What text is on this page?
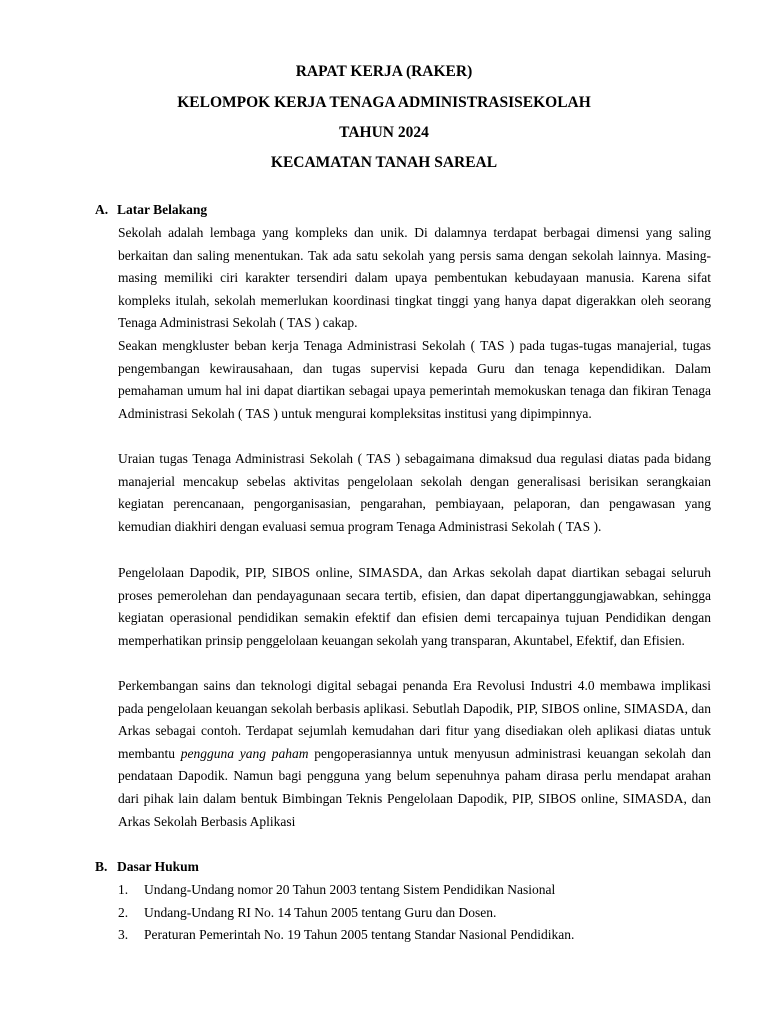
RAPAT KERJA (RAKER)
KELOMPOK KERJA TENAGA ADMINISTRASISEKOLAH
TAHUN 2024
KECAMATAN TANAH SAREAL
A. Latar Belakang

Sekolah adalah lembaga yang kompleks dan unik. Di dalamnya terdapat berbagai dimensi yang saling berkaitan dan saling menentukan. Tak ada satu sekolah yang persis sama dengan sekolah lainnya. Masing-masing memiliki ciri karakter tersendiri dalam upaya pembentukan kebudayaan manusia. Karena sifat kompleks itulah, sekolah memerlukan koordinasi tingkat tinggi yang hanya dapat digerakkan oleh seorang Tenaga Administrasi Sekolah ( TAS ) cakap.

Seakan mengkluster beban kerja Tenaga Administrasi Sekolah ( TAS ) pada tugas-tugas manajerial, tugas pengembangan kewirausahaan, dan tugas supervisi kepada Guru dan tenaga kependidikan. Dalam pemahaman umum hal ini dapat diartikan sebagai upaya pemerintah memokuskan tenaga dan fikiran Tenaga Administrasi Sekolah ( TAS ) untuk mengurai kompleksitas institusi yang dipimpinnya.

Uraian tugas Tenaga Administrasi Sekolah ( TAS ) sebagaimana dimaksud dua regulasi diatas pada bidang manajerial mencakup sebelas aktivitas pengelolaan sekolah dengan generalisasi berisikan serangkaian kegiatan perencanaan, pengorganisasian, pengarahan, pembiayaan, pelaporan, dan pengawasan yang kemudian diakhiri dengan evaluasi semua program Tenaga Administrasi Sekolah ( TAS ).

Pengelolaan Dapodik, PIP, SIBOS online, SIMASDA, dan Arkas sekolah dapat diartikan sebagai seluruh proses pemerolehan dan pendayagunaan secara tertib, efisien, dan dapat dipertanggungjawabkan, sehingga kegiatan operasional pendidikan semakin efektif dan efisien demi tercapainya tujuan Pendidikan dengan memperhatikan prinsip penggelolaan keuangan sekolah yang transparan, Akuntabel, Efektif, dan Efisien.

Perkembangan sains dan teknologi digital sebagai penanda Era Revolusi Industri 4.0 membawa implikasi pada pengelolaan keuangan sekolah berbasis aplikasi. Sebutlah Dapodik, PIP, SIBOS online, SIMASDA, dan Arkas sebagai contoh. Terdapat sejumlah kemudahan dari fitur yang disediakan oleh aplikasi diatas untuk membantu pengguna yang paham pengoperasiannya untuk menyusun administrasi keuangan sekolah dan pendataan Dapodik. Namun bagi pengguna yang belum sepenuhnya paham dirasa perlu mendapat arahan dari pihak lain dalam bentuk Bimbingan Teknis Pengelolaan Dapodik, PIP, SIBOS online, SIMASDA, dan Arkas Sekolah Berbasis Aplikasi

B. Dasar Hukum
1. Undang-Undang nomor 20 Tahun 2003 tentang Sistem Pendidikan Nasional
2. Undang-Undang RI No. 14 Tahun 2005 tentang Guru dan Dosen.
3. Peraturan Pemerintah No. 19 Tahun 2005 tentang Standar Nasional Pendidikan.
